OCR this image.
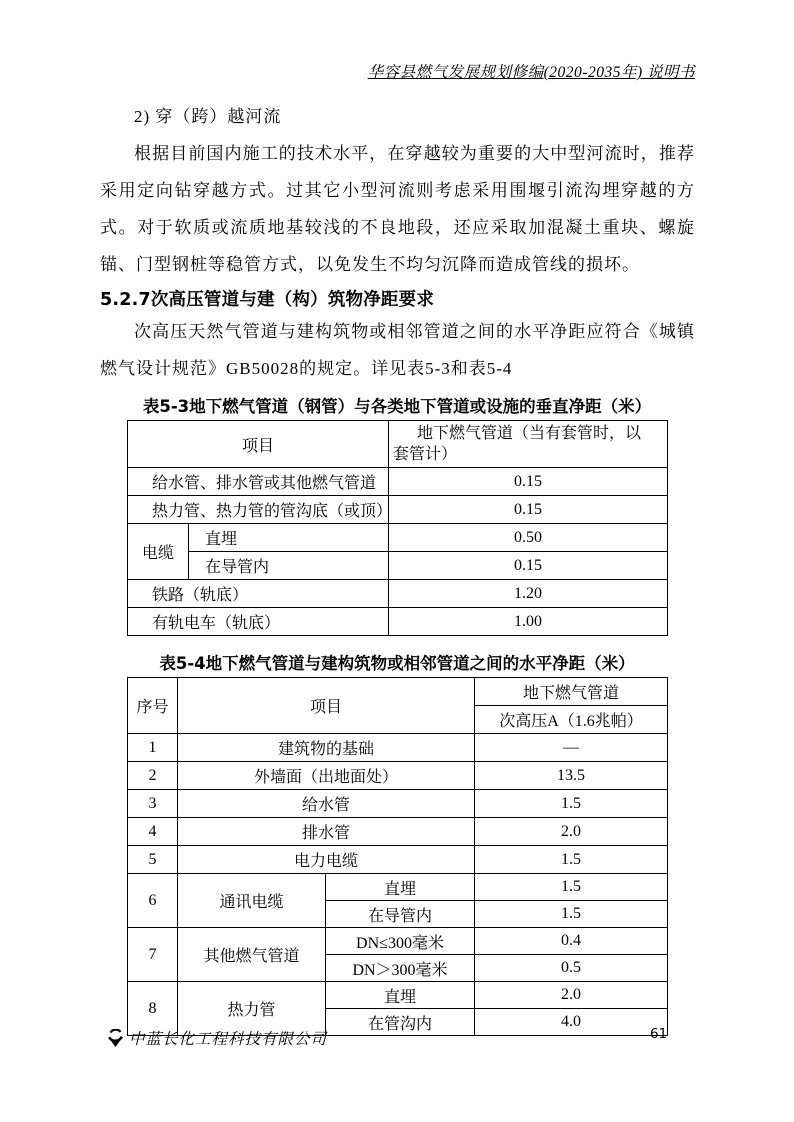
华容县燃气发展规划修编(2020-2035年) 说明书

2) 穿（跨）越河流

根据目前国内施工的技术水平，在穿越较为重要的大中型河流时，推荐采用定向钻穿越方式。过其它小型河流则考虑采用围堰引流沟埋穿越的方式。对于软质或流质地基较浅的不良地段，还应采取加混凝土重块、螺旋锚、门型钢桩等稳管方式，以免发生不均匀沉降而造成管线的损坏。

5.2.7次高压管道与建（构）筑物净距要求

次高压天然气管道与建构筑物或相邻管道之间的水平净距应符合《城镇燃气设计规范》GB50028的规定。详见表5-3和表5-4

表5-3地下燃气管道（钢管）与各类地下管道或设施的垂直净距（米）
项目		地下燃气管道（当有套管时，以套管计）
给水管、排水管或其他燃气管道		0.15
热力管、热力管的管沟底（或顶）		0.15
电缆	直埋	0.50
	在导管内	0.15
铁路（轨底）		1.20
有轨电车（轨底）		1.00
表5-4地下燃气管道与建构筑物或相邻管道之间的水平净距（米）
序号	项目		地下燃气管道
			次高压A（1.6兆帕）
1	建筑物的基础		—
2	外墙面（出地面处）		13.5
3	给水管		1.5
4	排水管		2.0
5	电力电缆		1.5
6	通讯电缆	直埋	1.5
		在导管内	1.5
7	其他燃气管道	DN≤300毫米	0.4
		DN＞300毫米	0.5
8	热力管	直埋	2.0
		在管沟内	4.0
中蓝长化工程科技有限公司	61
